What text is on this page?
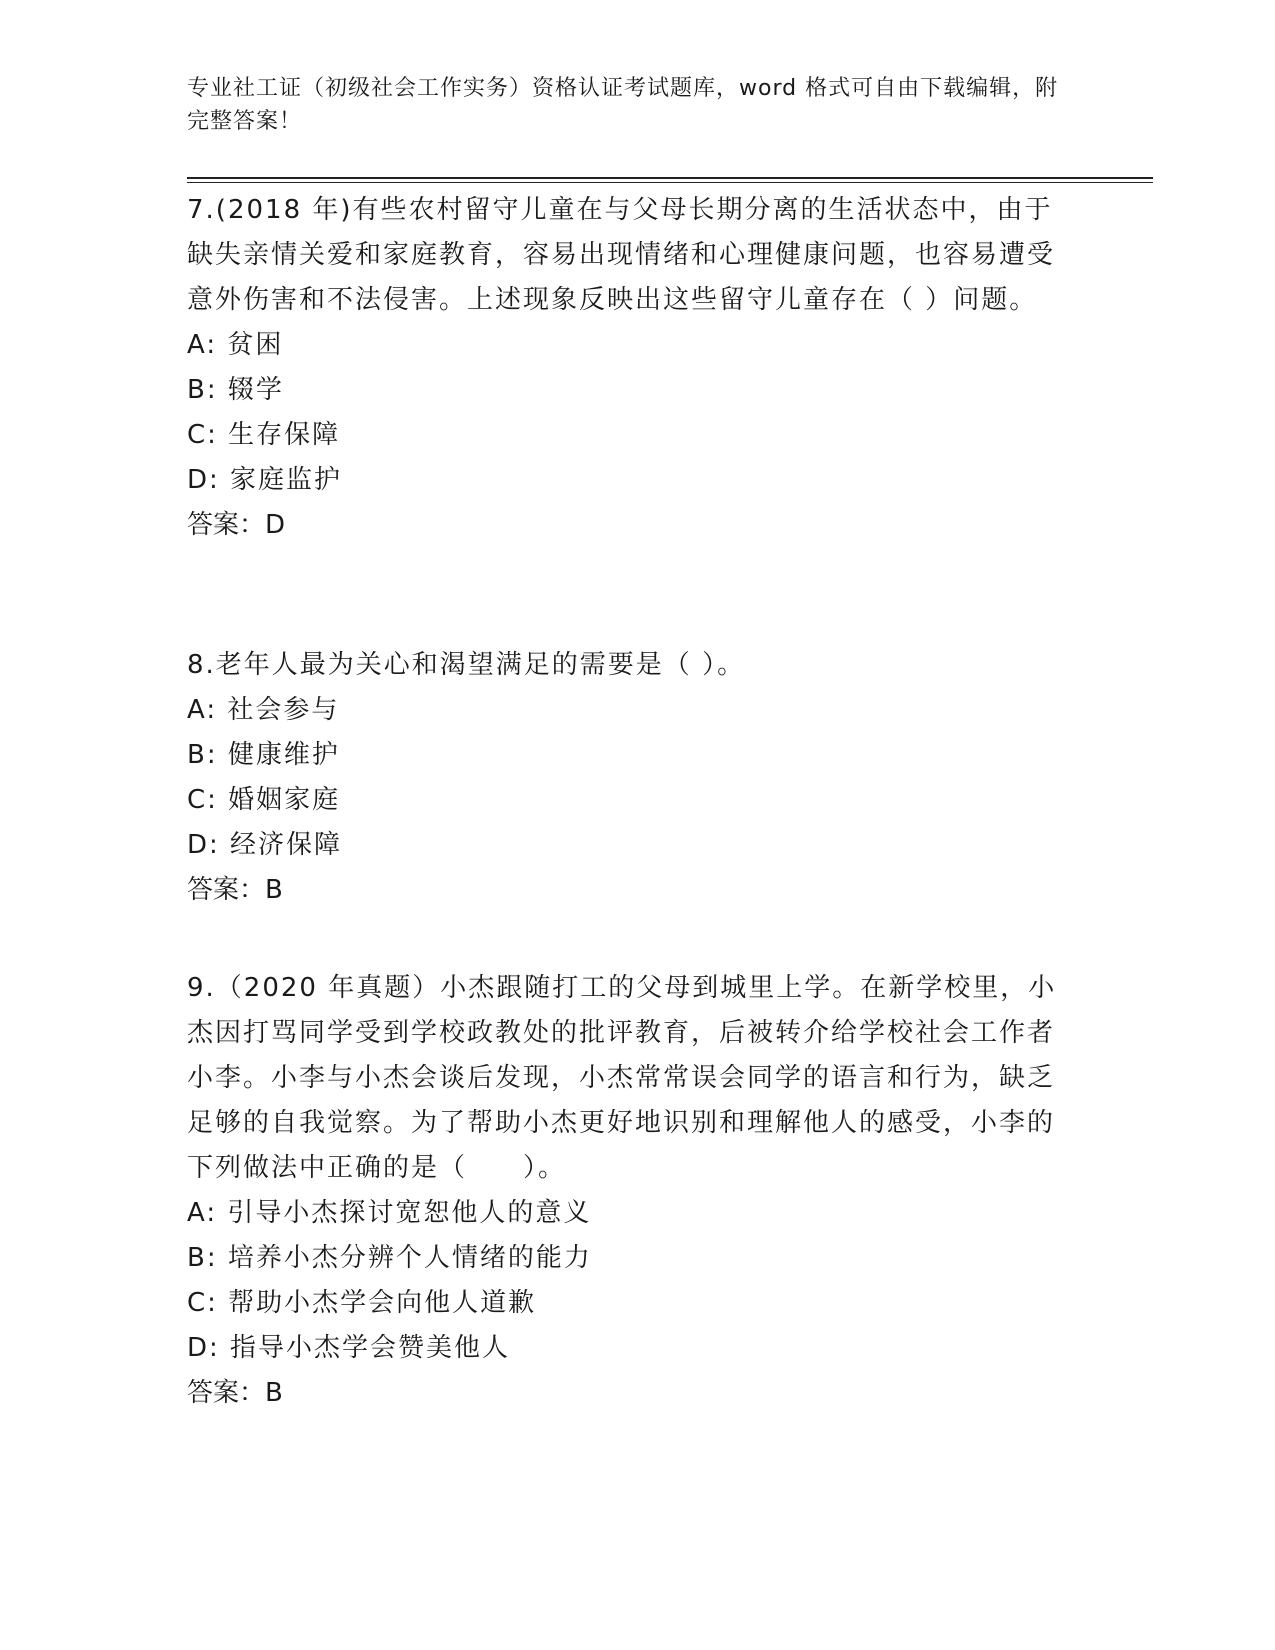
专业社工证（初级社会工作实务）资格认证考试题库，word 格式可自由下载编辑，附完整答案！

7.(2018 年)有些农村留守儿童在与父母长期分离的生活状态中，由于缺失亲情关爱和家庭教育，容易出现情绪和心理健康问题，也容易遭受意外伤害和不法侵害。上述现象反映出这些留守儿童存在（ ）问题。

A: 贫困

B: 辍学

C: 生存保障

D: 家庭监护

答案：D

8.老年人最为关心和渴望满足的需要是（ ）。

A: 社会参与

B: 健康维护

C: 婚姻家庭

D: 经济保障

答案：B

9.（2020 年真题）小杰跟随打工的父母到城里上学。在新学校里，小杰因打骂同学受到学校政教处的批评教育，后被转介给学校社会工作者小李。小李与小杰会谈后发现，小杰常常误会同学的语言和行为，缺乏足够的自我觉察。为了帮助小杰更好地识别和理解他人的感受，小李的下列做法中正确的是（　　）。

A: 引导小杰探讨宽恕他人的意义

B: 培养小杰分辨个人情绪的能力

C: 帮助小杰学会向他人道歉

D: 指导小杰学会赞美他人

答案：B
